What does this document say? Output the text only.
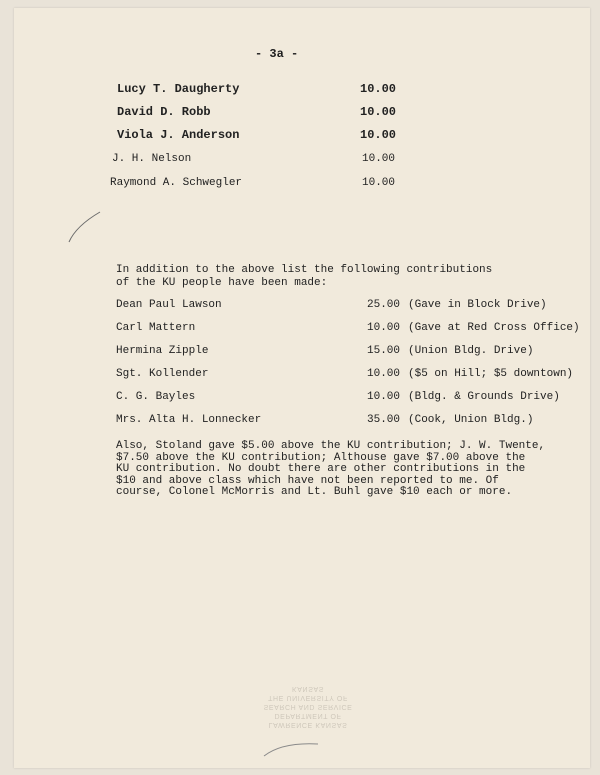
- 3a -
Lucy T. Daugherty	10.00
David D. Robb	10.00
Viola J. Anderson	10.00
J. H. Nelson	10.00
Raymond A. Schwegler	10.00
In addition to the above list the following contributions
of the KU people have been made:
Dean Paul Lawson	25.00 (Gave in Block Drive)
Carl Mattern	10.00 (Gave at Red Cross Office)
Hermina Zipple	15.00 (Union Bldg. Drive)
Sgt. Kollender	10.00 ($5 on Hill; $5 downtown)
C. G. Bayles	10.00 (Bldg. & Grounds Drive)
Mrs. Alta H. Lonnecker	35.00 (Cook, Union Bldg.)
Also, Stoland gave $5.00 above the KU contribution; J. W. Twente,
$7.50 above the KU contribution; Althouse gave $7.00 above the
KU contribution. No doubt there are other contributions in the
$10 and above class which have not been reported to me. Of
course, Colonel McMorris and Lt. Buhl gave $10 each or more.
LAWRENCE KANSAS
DEPARTMENT OF SEARCH AND SERVICE
THE UNIVERSITY OF KANSAS
